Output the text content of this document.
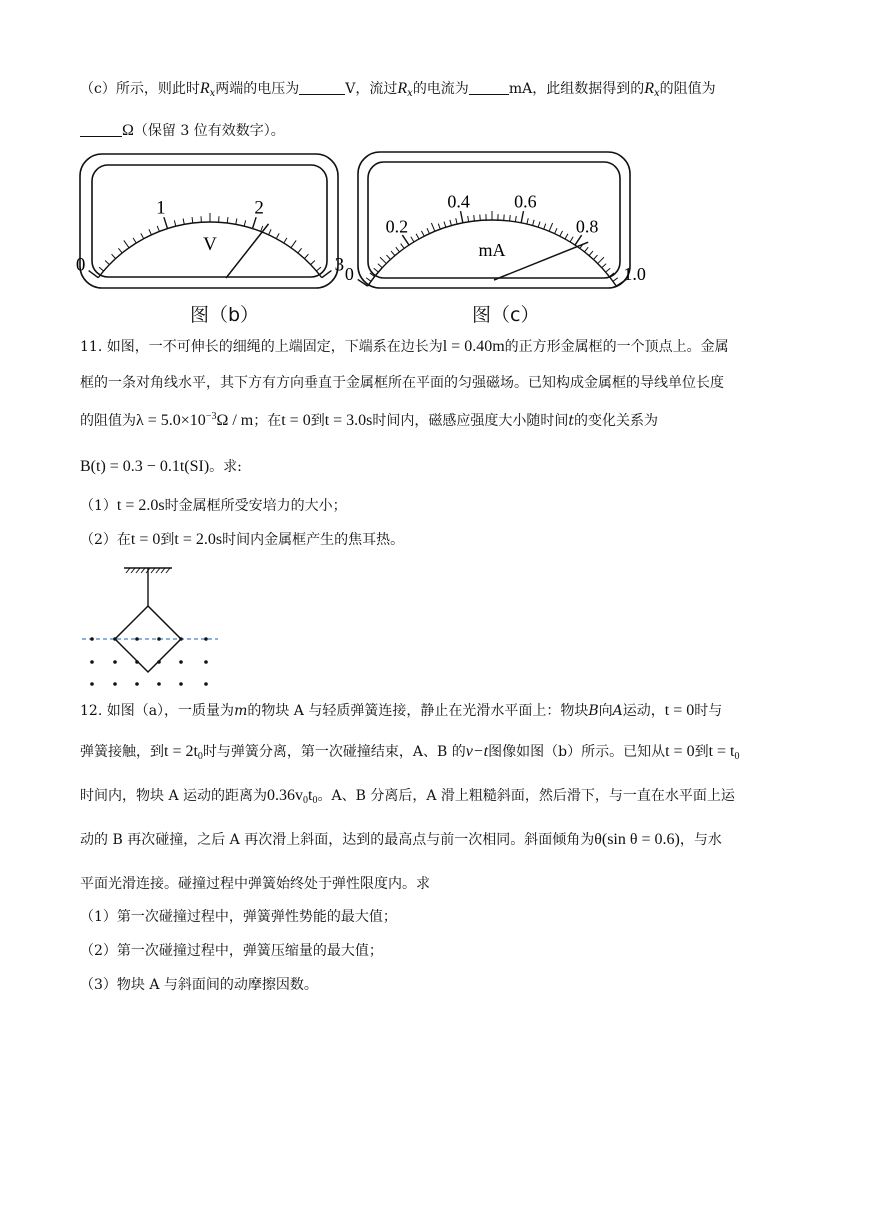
（c）所示，则此时$R_x$两端的电压为	V，流过$R_x$的电流为	mA，此组数据得到的$R_x$的阻值为
Ω（保留 3 位有效数字）。
0
1	2
3
V
0
0.2
0.4 0.6
0.8
1.0
mA
图（b）	图（c）
11. 如图，一不可伸长的细绳的上端固定，下端系在边长为l = 0.40m的正方形金属框的一个顶点上。金属
框的一条对角线水平，其下方有方向垂直于金属框所在平面的匀强磁场。已知构成金属框的导线单位长度
的阻值为$\lambda = 5.0\times 10^{-3}\Omega / m$；在t = 0到t = 3.0s时间内，磁感应强度大小随时间t的变化关系为
B(t) = 0.3 − 0.1t(SI)。求:
（1）t = 2.0s时金属框所受安培力的大小；
（2）在t = 0到t = 2.0s时间内金属框产生的焦耳热。
12. 如图（a），一质量为m的物块 A 与轻质弹簧连接，静止在光滑水平面上：物块B向A运动，t = 0时与
弹簧接触，到$t = 2t_0$时与弹簧分离，第一次碰撞结束，A、B 的v−t图像如图（b）所示。已知从t = 0到$t = t_0$
时间内，物块 A 运动的距离为$0.36v_0t_0$。A、B 分离后，A 滑上粗糙斜面，然后滑下，与一直在水平面上运
动的 B 再次碰撞，之后 A 再次滑上斜面，达到的最高点与前一次相同。斜面倾角为θ(sin θ = 0.6)，与水
平面光滑连接。碰撞过程中弹簧始终处于弹性限度内。求
（1）第一次碰撞过程中，弹簧弹性势能的最大值；
（2）第一次碰撞过程中，弹簧压缩量的最大值；
（3）物块 A 与斜面间的动摩擦因数。
